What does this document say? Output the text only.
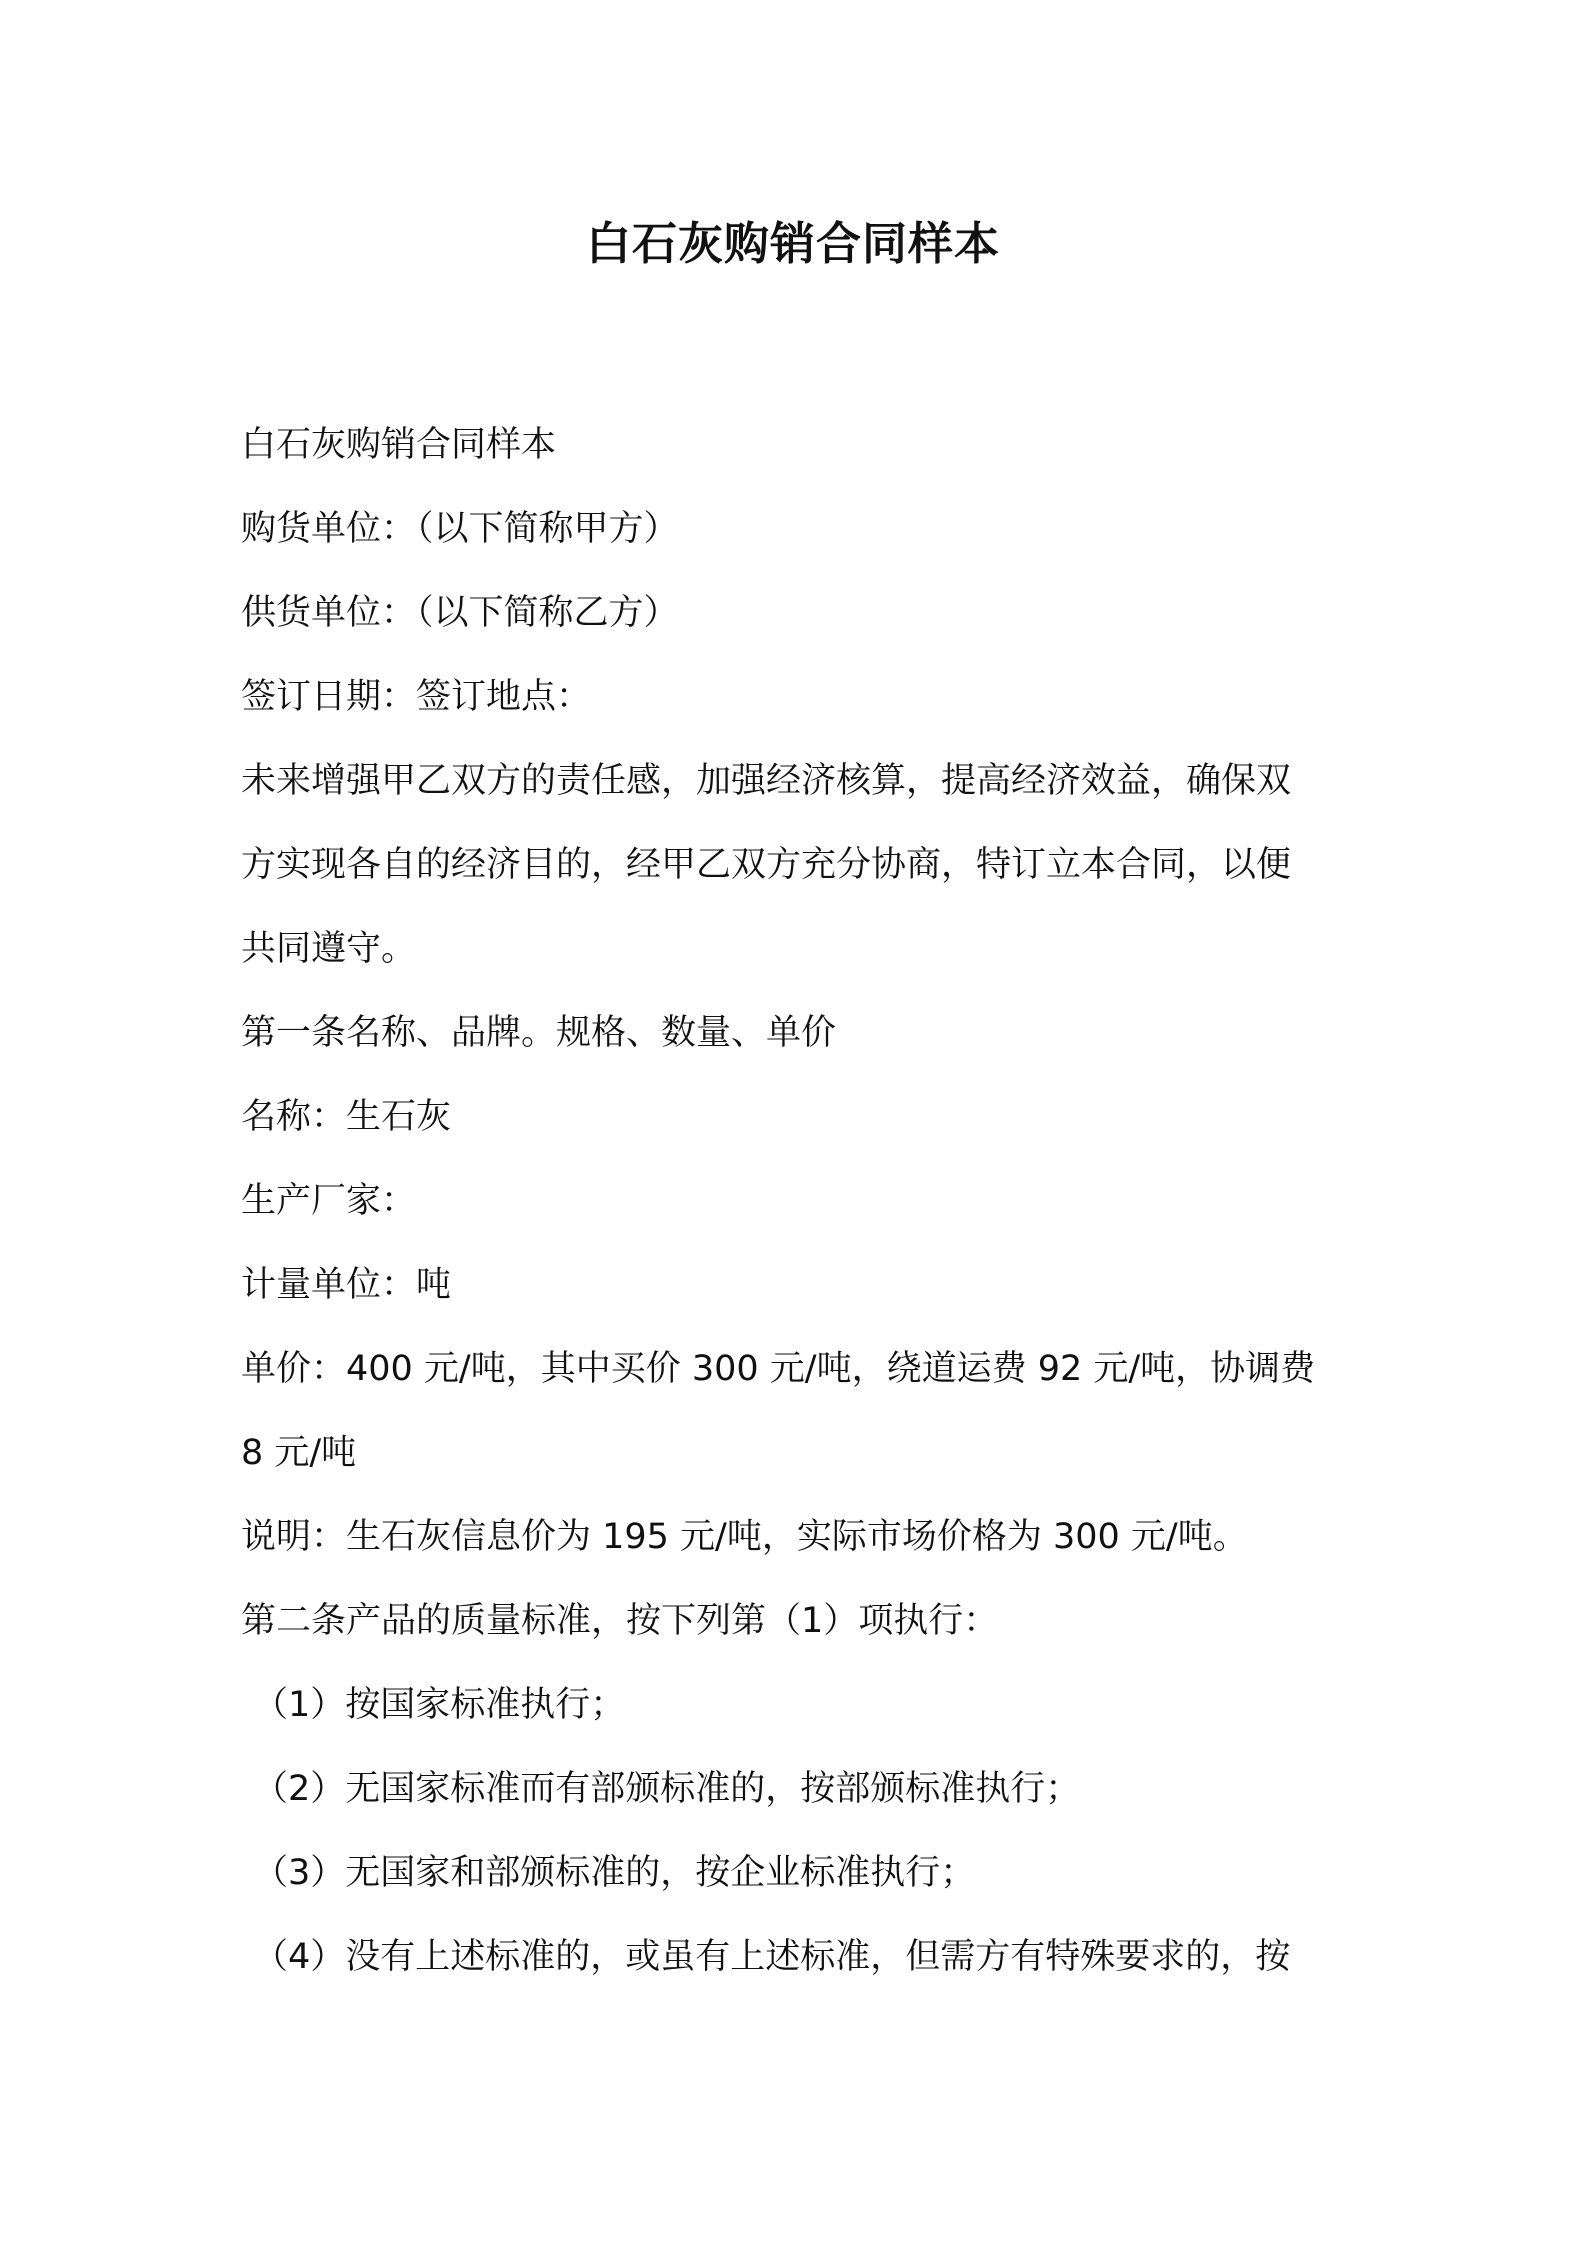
白石灰购销合同样本

白石灰购销合同样本

购货单位：（以下简称甲方）

供货单位：（以下简称乙方）

签订日期：签订地点：

未来增强甲乙双方的责任感，加强经济核算，提高经济效益，确保双

方实现各自的经济目的，经甲乙双方充分协商，特订立本合同，以便

共同遵守。

第一条名称、品牌。规格、数量、单价

名称：生石灰

生产厂家：

计量单位：吨

单价：400 元/吨，其中买价 300 元/吨，绕道运费 92 元/吨，协调费

8 元/吨

说明：生石灰信息价为 195 元/吨，实际市场价格为 300 元/吨。

第二条产品的质量标准，按下列第（1）项执行：

（1）按国家标准执行；

（2）无国家标准而有部颁标准的，按部颁标准执行；

（3）无国家和部颁标准的，按企业标准执行；

（4）没有上述标准的，或虽有上述标准，但需方有特殊要求的，按
